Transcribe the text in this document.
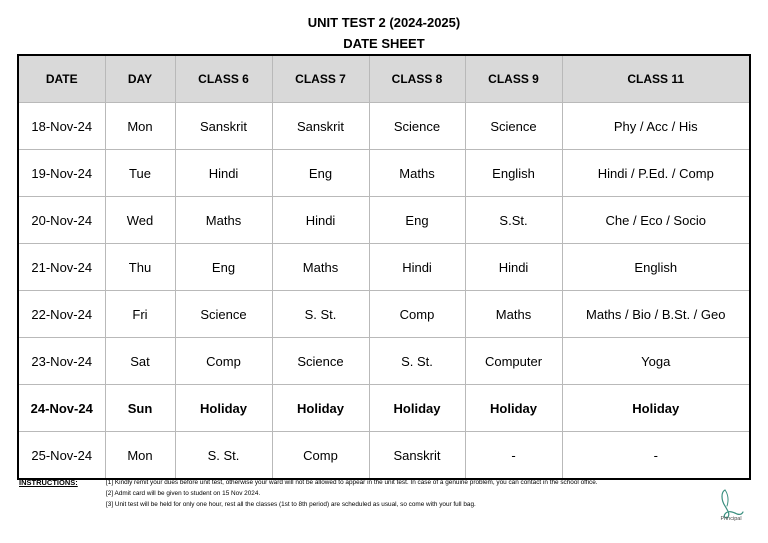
UNIT TEST 2 (2024-2025)
DATE SHEET
DATE	DAY	CLASS 6	CLASS 7	CLASS 8	CLASS 9	CLASS 11
18-Nov-24	Mon	Sanskrit	Sanskrit	Science	Science	Phy / Acc / His
19-Nov-24	Tue	Hindi	Eng	Maths	English	Hindi / P.Ed. / Comp
20-Nov-24	Wed	Maths	Hindi	Eng	S.St.	Che / Eco / Socio
21-Nov-24	Thu	Eng	Maths	Hindi	Hindi	English
22-Nov-24	Fri	Science	S. St.	Comp	Maths	Maths / Bio / B.St. / Geo
23-Nov-24	Sat	Comp	Science	S. St.	Computer	Yoga
24-Nov-24	Sun	Holiday	Holiday	Holiday	Holiday	Holiday
25-Nov-24	Mon	S. St.	Comp	Sanskrit	-	-
INSTRUCTIONS:	[1] Kindly remit your dues before unit test, otherwise your ward will not be allowed to appear in the unit test. In case of a genuine problem, you can contact in the school office.
[2] Admit card will be given to student on 15 Nov 2024.
[3] Unit test will be held for only one hour, rest all the classes (1st to 8th period) are scheduled as usual, so come with your full bag.
Principal
